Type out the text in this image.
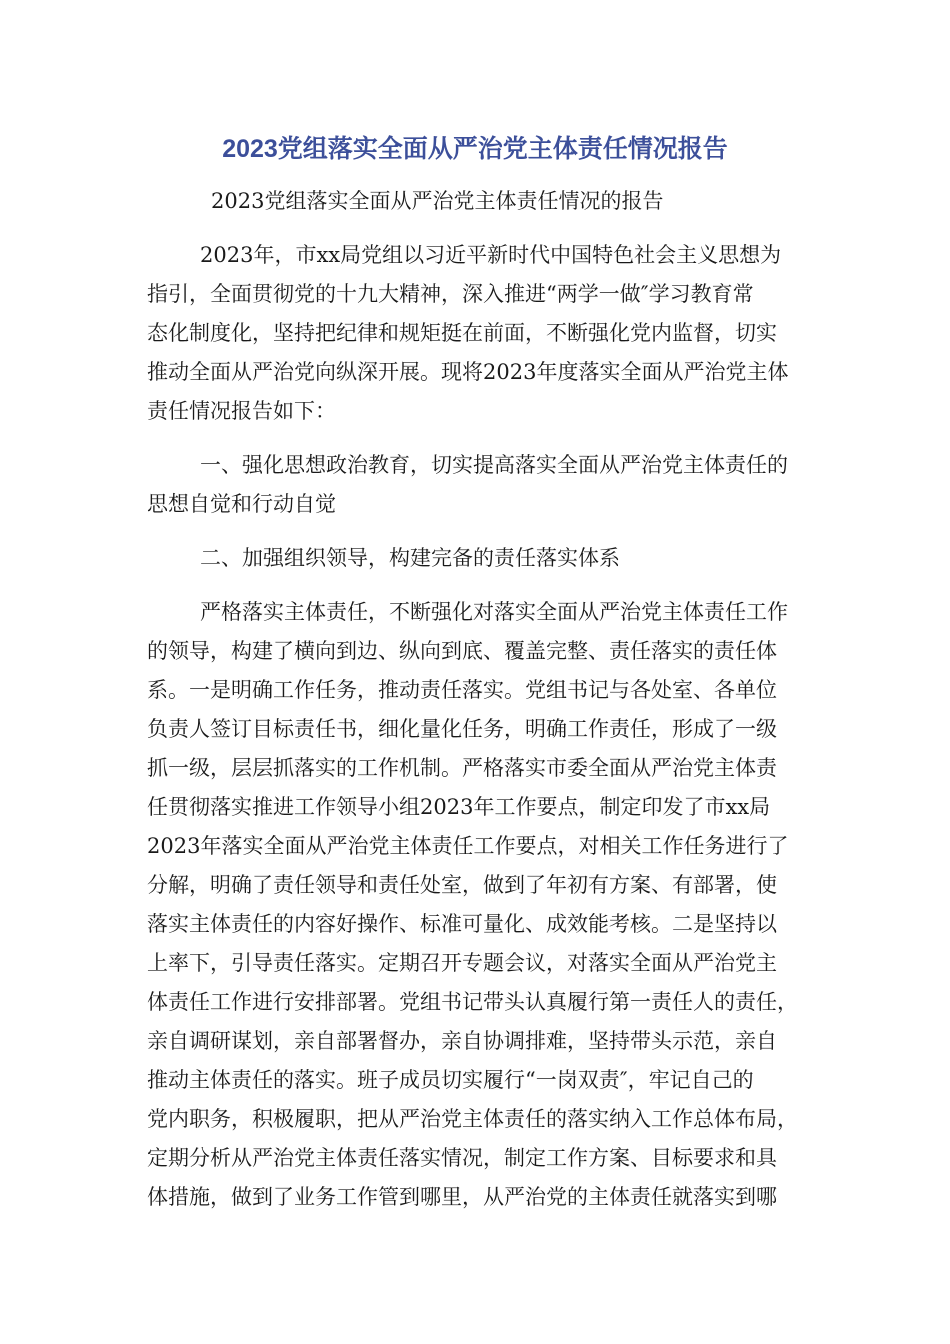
2023党组落实全面从严治党主体责任情况报告
2023党组落实全面从严治党主体责任情况的报告
2023年，市xx局党组以习近平新时代中国特色社会主义思想为
指引，全面贯彻党的十九大精神，深入推进“两学一做″学习教育常
态化制度化，坚持把纪律和规矩挺在前面，不断强化党内监督，切实
推动全面从严治党向纵深开展。现将2023年度落实全面从严治党主体
责任情况报告如下：
一、强化思想政治教育，切实提高落实全面从严治党主体责任的
思想自觉和行动自觉
二、加强组织领导，构建完备的责任落实体系
严格落实主体责任，不断强化对落实全面从严治党主体责任工作
的领导，构建了横向到边、纵向到底、覆盖完整、责任落实的责任体
系。一是明确工作任务，推动责任落实。党组书记与各处室、各单位
负责人签订目标责任书，细化量化任务，明确工作责任，形成了一级
抓一级，层层抓落实的工作机制。严格落实市委全面从严治党主体责
任贯彻落实推进工作领导小组2023年工作要点，制定印发了市xx局
2023年落实全面从严治党主体责任工作要点，对相关工作任务进行了
分解，明确了责任领导和责任处室，做到了年初有方案、有部署，使
落实主体责任的内容好操作、标准可量化、成效能考核。二是坚持以
上率下，引导责任落实。定期召开专题会议，对落实全面从严治党主
体责任工作进行安排部署。党组书记带头认真履行第一责任人的责任，
亲自调研谋划，亲自部署督办，亲自协调排难，坚持带头示范，亲自
推动主体责任的落实。班子成员切实履行“一岗双责″，牢记自己的
党内职务，积极履职，把从严治党主体责任的落实纳入工作总体布局，
定期分析从严治党主体责任落实情况，制定工作方案、目标要求和具
体措施，做到了业务工作管到哪里，从严治党的主体责任就落实到哪
